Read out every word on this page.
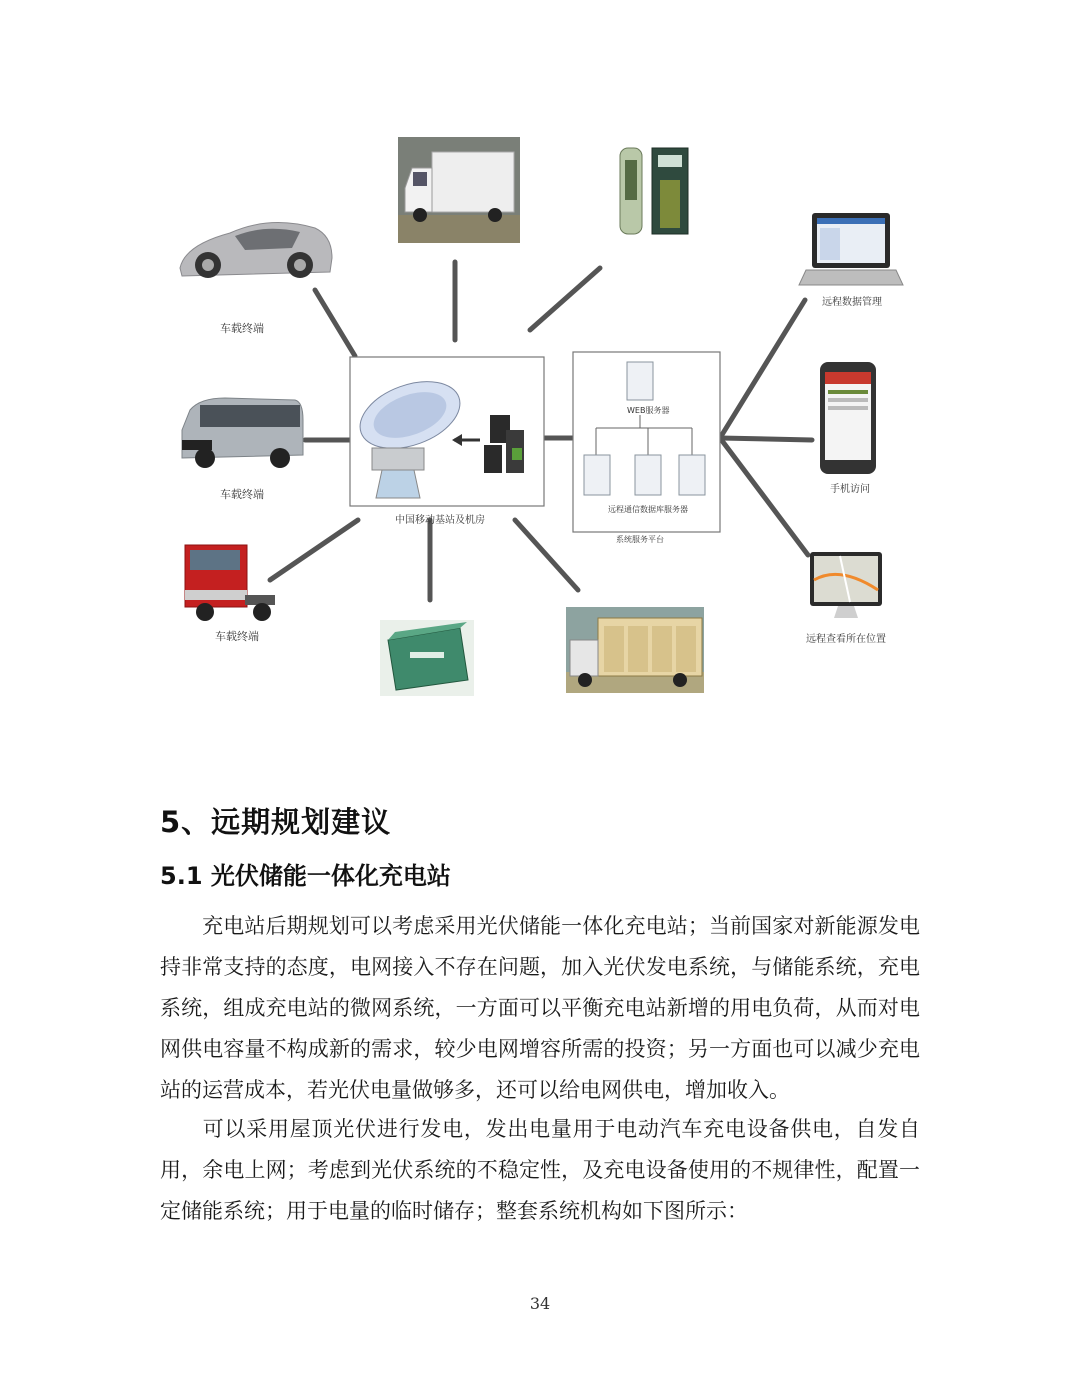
车载终端
车载终端
车载终端
中国移动基站及机房
WEB服务器
远程通信数据库服务器
系统服务平台
远程数据管理
手机访问
远程查看所在位置
5、远期规划建议
5.1 光伏储能一体化充电站
充电站后期规划可以考虑采用光伏储能一体化充电站；当前国家对新能源发电持非常支持的态度，电网接入不存在问题，加入光伏发电系统，与储能系统，充电系统，组成充电站的微网系统，一方面可以平衡充电站新增的用电负荷，从而对电网供电容量不构成新的需求，较少电网增容所需的投资；另一方面也可以减少充电站的运营成本，若光伏电量做够多，还可以给电网供电，增加收入。
可以采用屋顶光伏进行发电，发出电量用于电动汽车充电设备供电，自发自用，余电上网；考虑到光伏系统的不稳定性，及充电设备使用的不规律性，配置一定储能系统；用于电量的临时储存；整套系统机构如下图所示：
34
